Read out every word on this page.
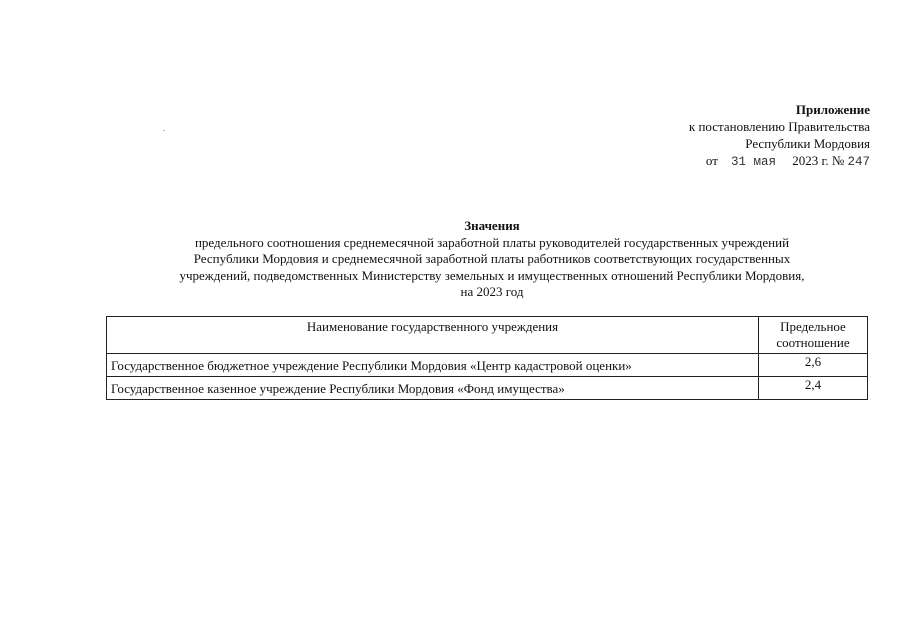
Приложение
к постановлению Правительства
Республики Мордовия
от 31 мая 2023 г. № 247
Значения
предельного соотношения среднемесячной заработной платы руководителей государственных учреждений
Республики Мордовия и среднемесячной заработной платы работников соответствующих государственных
учреждений, подведомственных Министерству земельных и имущественных отношений Республики Мордовия,
на 2023 год
Наименование государственного учреждения	Предельное
соотношение

Государственное бюджетное учреждение Республики Мордовия «Центр кадастровой оценки»	2,6
Государственное казенное учреждение Республики Мордовия «Фонд имущества»	2,4
